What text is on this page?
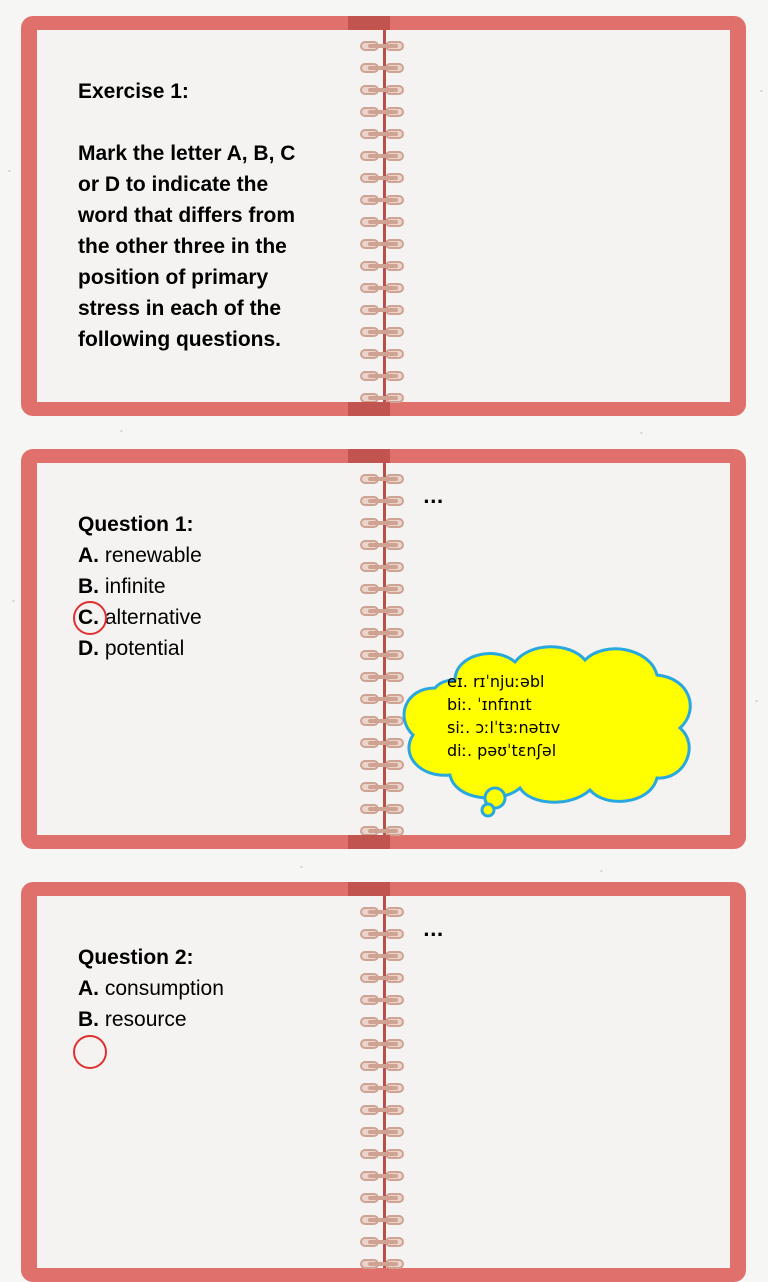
Exercise 1:
Mark the letter A, B, C
or D to indicate the
word that differs from
the other three in the
position of primary
stress in each of the
following questions.
...
Question 1:
A. renewable
B. infinite
C. alternative
D. potential
eɪ. rɪˈnjuːəbl
biː. ˈɪnfɪnɪt
siː. ɔːlˈtɜːnətɪv
diː. pəʊˈtɛnʃəl
...
Question 2:
A. consumption
B. resource
